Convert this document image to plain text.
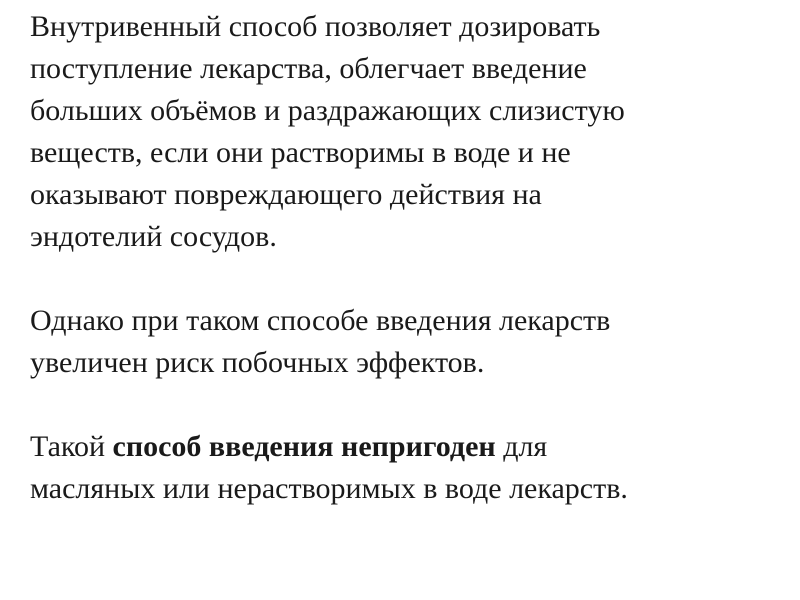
Внутривенный способ позволяет дозировать
поступление лекарства, облегчает введение
больших объёмов и раздражающих слизистую
веществ, если они растворимы в воде и не
оказывают повреждающего действия на
эндотелий сосудов.

Однако при таком способе введения лекарств
увеличен риск побочных эффектов.

Такой способ введения непригоден для
масляных или нерастворимых в воде лекарств.
